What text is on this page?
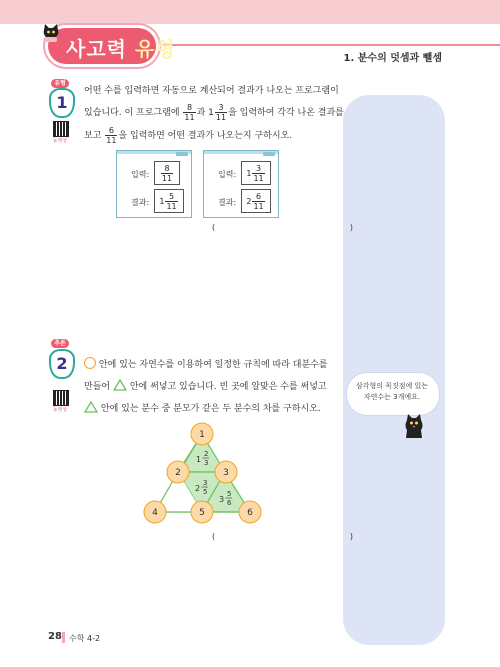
사고력 유형	1. 분수의 덧셈과 뺄셈
삼각형의 꼭짓점에 있는
자연수는 3개예요.
유형
1
동영상
어떤 수를 입력하면 자동으로 계산되어 결과가 나오는 프로그램이
있습니다. 이 프로그램에 $\frac{8}{11}$ 과 $1 \frac{3}{11}$ 을 입력하여 각각 나온 결과를
보고 $\frac{6}{11}$ 을 입력하면 어떤 결과가 나오는지 구하시오.
입력: $\frac{8}{11}$
결과: $1 \frac{5}{11}$
입력: $1 \frac{3}{11}$
결과: $2 \frac{6}{11}$
(                                                     )
추론
2
동영상
안에 있는 자연수를 이용하여 일정한 규칙에 따라 대분수를
만들어 안에 써넣고 있습니다. 빈 곳에 알맞은 수를 써넣고
안에 있는 분수 중 분모가 같은 두 분수의 차를 구하시오.
1
2	3
4	5	6
1
2
3
2
3
5
3
5
6
(                                                     )
28 수학 4-2
